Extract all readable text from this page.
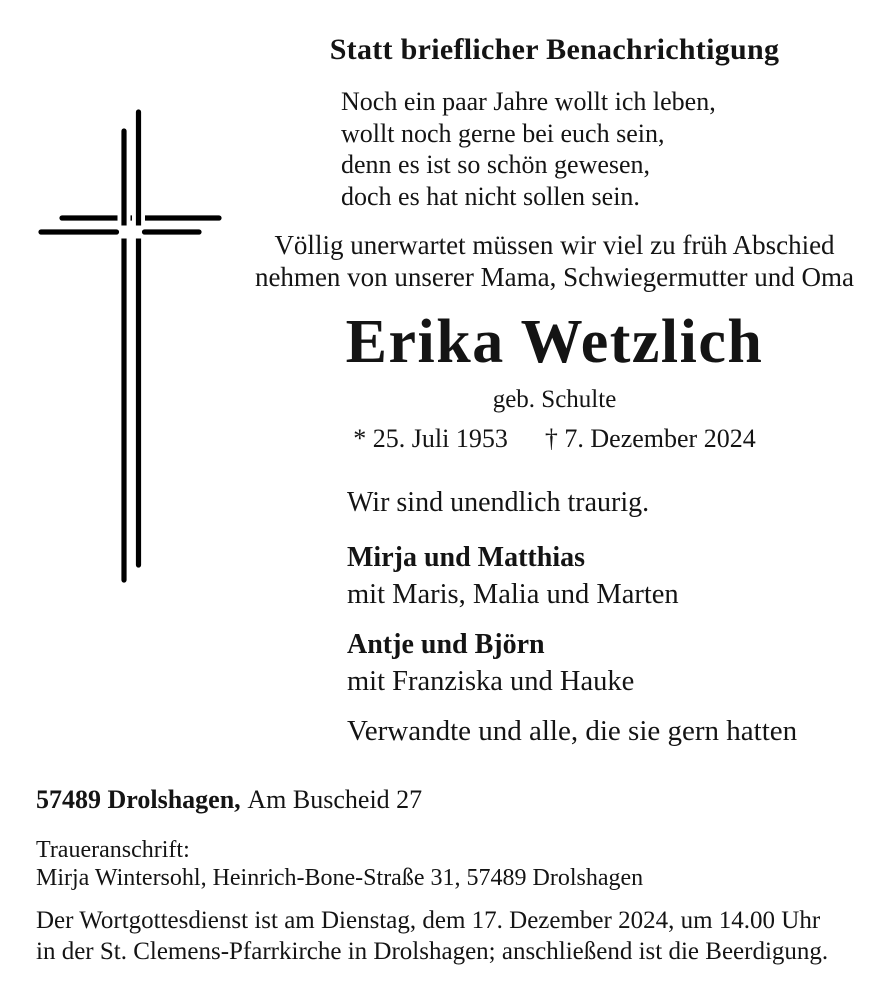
Statt brieflicher Benachrichtigung
Noch ein paar Jahre wollt ich leben,
wollt noch gerne bei euch sein,
denn es ist so schön gewesen,
doch es hat nicht sollen sein.
Völlig unerwartet müssen wir viel zu früh Abschied
nehmen von unserer Mama, Schwiegermutter und Oma
Erika Wetzlich
geb. Schulte
* 25. Juli 1953 † 7. Dezember 2024
Wir sind unendlich traurig.
Mirja und Matthias
mit Maris, Malia und Marten
Antje und Björn
mit Franziska und Hauke
Verwandte und alle, die sie gern hatten
57489 Drolshagen, Am Buscheid 27
Traueranschrift:
Mirja Wintersohl, Heinrich-Bone-Straße 31, 57489 Drolshagen
Der Wortgottesdienst ist am Dienstag, dem 17. Dezember 2024, um 14.00 Uhr
in der St. Clemens-Pfarrkirche in Drolshagen; anschließend ist die Beerdigung.
